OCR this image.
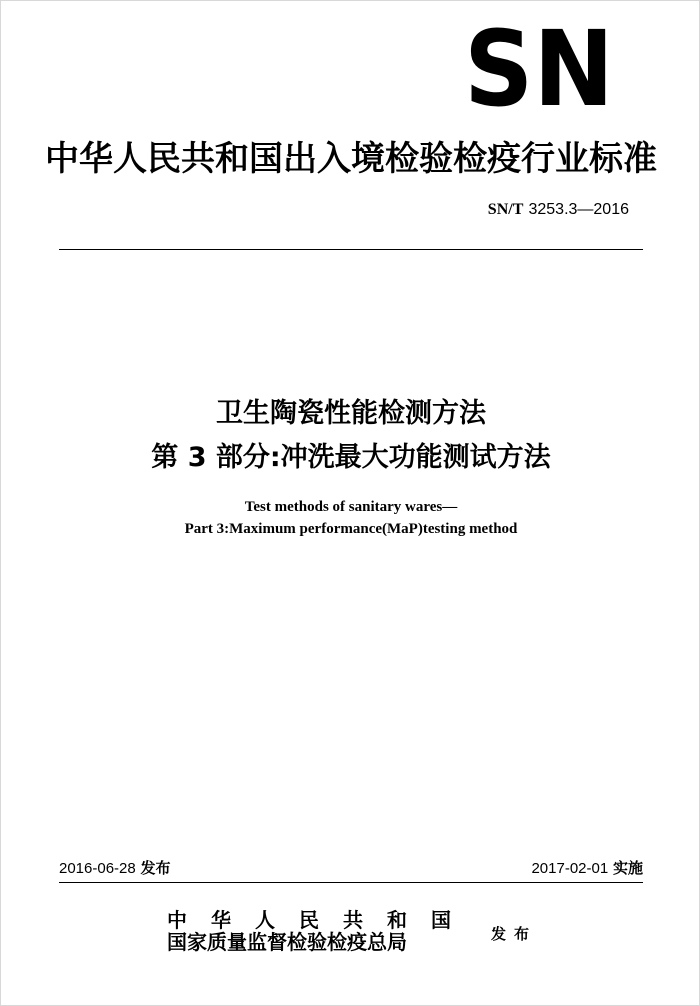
SN
中华人民共和国出入境检验检疫行业标准
SN/T 3253.3—2016
卫生陶瓷性能检测方法
第 3 部分:冲洗最大功能测试方法
Test methods of sanitary wares—
Part 3:Maximum performance(MaP)testing method
2016-06-28 发布	2017-02-01 实施
中华人民共和国
国家质量监督检验检疫总局	发布
